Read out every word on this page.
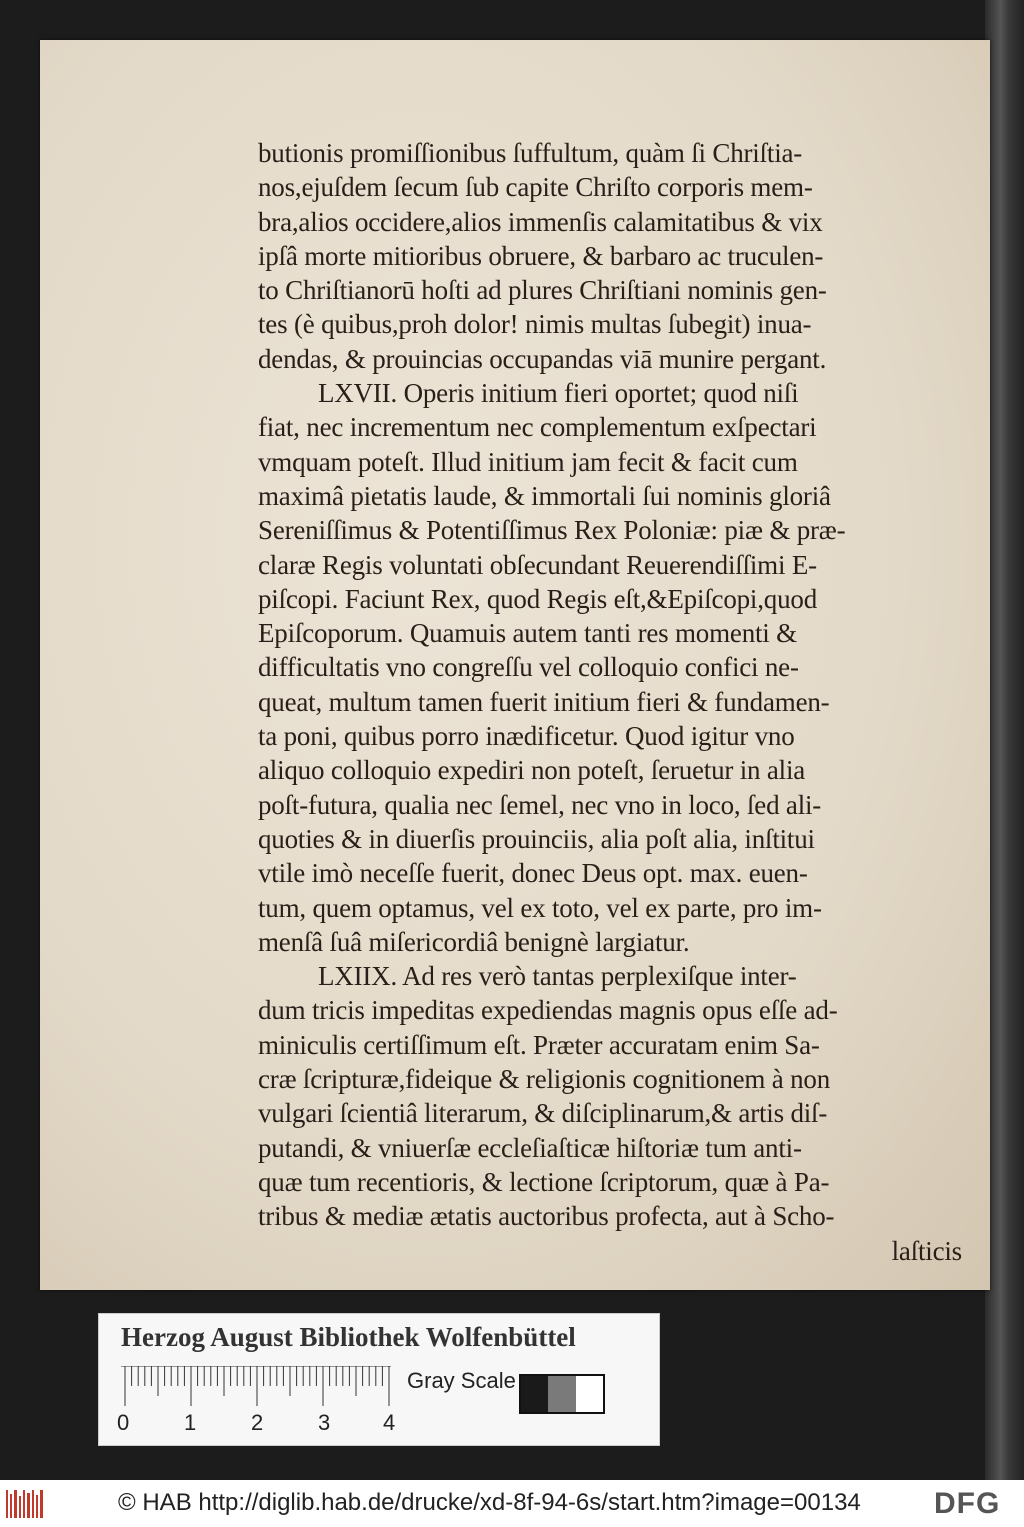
butionis promiſſionibus ſuffultum, quàm ſi Chriſtia-
nos,ejuſdem ſecum ſub capite Chriſto corporis mem-
bra,alios occidere,alios immenſis calamitatibus & vix
ipſâ morte mitioribus obruere, & barbaro ac truculen-
to Chriſtianorū hoſti ad plures Chriſtiani nominis gen-
tes (è quibus,proh dolor! nimis multas ſubegit) inua-
dendas, & prouincias occupandas viā munire pergant.
LXVII. Operis initium fieri oportet; quod niſi
fiat, nec incrementum nec complementum exſpectari
vmquam poteſt. Illud initium jam fecit & facit cum
maximâ pietatis laude, & immortali ſui nominis gloriâ
Sereniſſimus & Potentiſſimus Rex Poloniæ: piæ & præ-
claræ Regis voluntati obſecundant Reuerendiſſimi E-
piſcopi. Faciunt Rex, quod Regis eſt,&Epiſcopi,quod
Epiſcoporum. Quamuis autem tanti res momenti &
difficultatis vno congreſſu vel colloquio confici ne-
queat, multum tamen fuerit initium fieri & fundamen-
ta poni, quibus porro inædificetur. Quod igitur vno
aliquo colloquio expediri non poteſt, ſeruetur in alia
poſt-futura, qualia nec ſemel, nec vno in loco, ſed ali-
quoties & in diuerſis prouinciis, alia poſt alia, inſtitui
vtile imò neceſſe fuerit, donec Deus opt. max. euen-
tum, quem optamus, vel ex toto, vel ex parte, pro im-
menſâ ſuâ miſericordiâ benignè largiatur.
LXIIX. Ad res verò tantas perplexiſque inter-
dum tricis impeditas expediendas magnis opus eſſe ad-
miniculis certiſſimum eſt. Præter accuratam enim Sa-
cræ ſcripturæ,fideique & religionis cognitionem à non
vulgari ſcientiâ literarum, & diſciplinarum,& artis diſ-
putandi, & vniuerſæ eccleſiaſticæ hiſtoriæ tum anti-
quæ tum recentioris, & lectione ſcriptorum, quæ à Pa-
tribus & mediæ ætatis auctoribus profecta, aut à Scho-
laſticis
Herzog August Bibliothek Wolfenbüttel
0 1 2 3 4
Gray Scale
© HAB http://diglib.hab.de/drucke/xd-8f-94-6s/start.htm?image=00134 DFG
